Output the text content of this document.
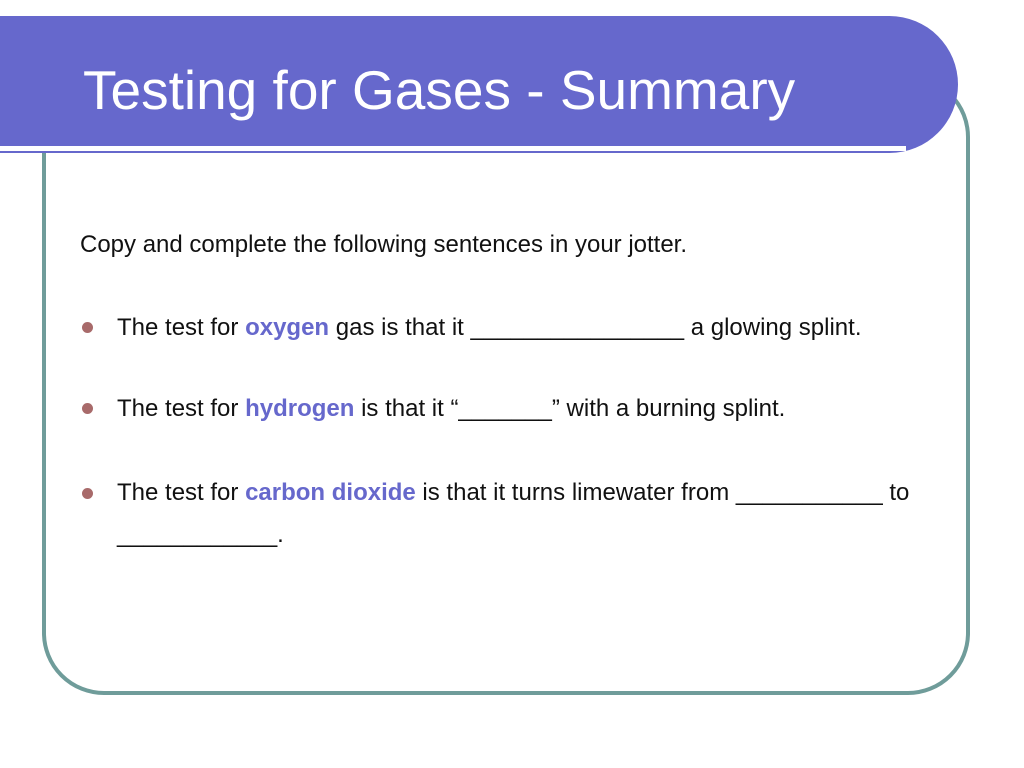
Testing for Gases - Summary

Copy and complete the following sentences in your jotter.

The test for oxygen gas is that it ________________ a glowing splint.
The test for hydrogen is that it “_______” with a burning splint.
The test for carbon dioxide is that it turns limewater from ___________ to ____________.
